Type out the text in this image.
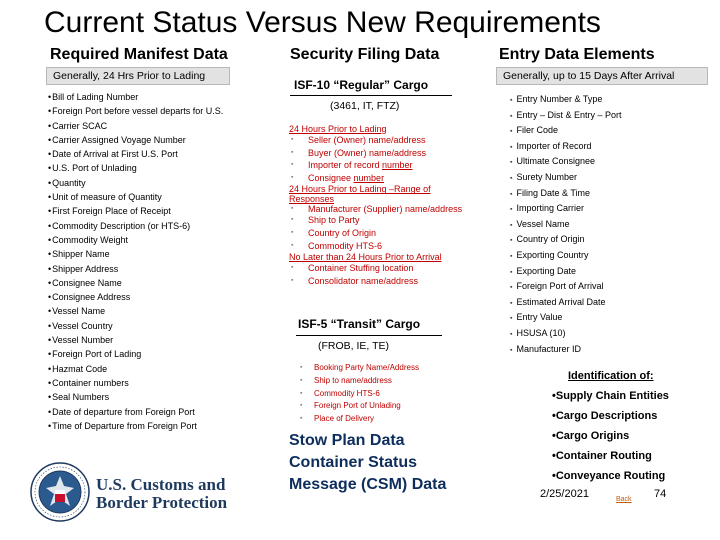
Current Status Versus New Requirements
Required Manifest Data
Generally, 24 Hrs Prior to Lading
• Bill of Lading Number
• Foreign Port before vessel departs for U.S.
• Carrier SCAC
• Carrier Assigned Voyage Number
• Date of Arrival at First U.S. Port
• U.S. Port of Unlading
• Quantity
• Unit of measure of Quantity
• First Foreign Place of Receipt
• Commodity Description (or HTS-6)
• Commodity Weight
• Shipper Name
• Shipper Address
• Consignee Name
• Consignee Address
• Vessel Name
• Vessel Country
• Vessel Number
• Foreign Port of Lading
• Hazmat Code
• Container numbers
• Seal Numbers
• Date of departure from Foreign Port
• Time of Departure from Foreign Port
Security Filing Data
ISF-10 “Regular” Cargo
(3461, IT, FTZ)
24 Hours Prior to Lading
▪ Seller (Owner) name/address
▪ Buyer (Owner) name/address
▪ Importer of record number
▪ Consignee number
24 Hours Prior to Lading –Range of Responses
▪ Manufacturer (Supplier) name/address
▪ Ship to Party
▪ Country of Origin
▪ Commodity HTS-6
No Later than 24 Hours Prior to Arrival
▪ Container Stuffing location
▪ Consolidator name/address
ISF-5 “Transit” Cargo
(FROB, IE, TE)
▪ Booking Party Name/Address
▪ Ship to name/address
▪ Commodity HTS-6
▪ Foreign Port of Unlading
▪ Place of Delivery
Stow Plan Data Container Status Message (CSM) Data
Entry Data Elements
Generally, up to 15 Days After Arrival
▪ Entry Number & Type
▪ Entry – Dist & Entry – Port
▪ Filer Code
▪ Importer of Record
▪ Ultimate Consignee
▪ Surety Number
▪ Filing Date & Time
▪ Importing Carrier
▪ Vessel Name
▪ Country of Origin
▪ Exporting Country
▪ Exporting Date
▪ Foreign Port of Arrival
▪ Estimated Arrival Date
▪ Entry Value
▪ HSUSA (10)
▪ Manufacturer ID
Identification of:
• Supply Chain Entities
• Cargo Descriptions
• Cargo Origins
• Container Routing
• Conveyance Routing
2/25/2021	Back 74
U.S. Customs and
Border Protection
